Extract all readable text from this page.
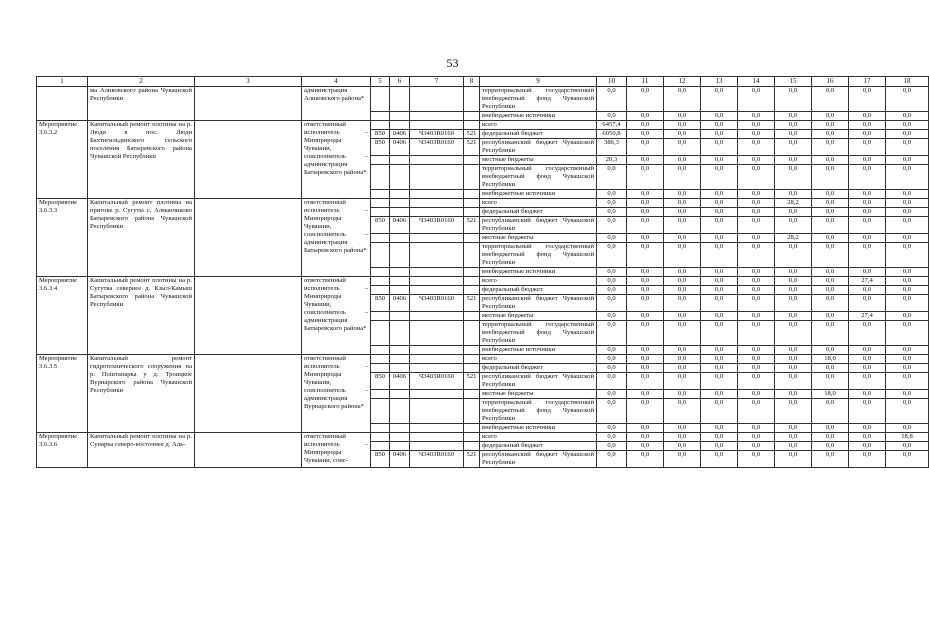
53
1	2	3	4	5	6	7	8	9	10	11	12	13	14	15	16	17	18
	ма Аликовского района Чувашской Республики		администрация Аликовского района*					территориальный государственный внебюджетный фонд Чувашской Республики	0,0	0,0	0,0	0,0	0,0	0,0	0,0	0,0	0,0
								внебюджетные источники	0,0	0,0	0,0	0,0	0,0	0,0	0,0	0,0	0,0
Мероприятие 3.6.3.2	Капитальный ремонт плотины на р. Люди в пос. Люди Бахтигильдинского сельского поселения Батыревского района Чувашской Республики		ответственный исполнитель – Минприроды Чувашии, соисполнитель – администрация Батыревского района*					всего	6457,4	0,0	0,0	0,0	0,0	0,0	0,0	0,0	0,0
				850	0406	Ч3403R0160	521	федеральный бюджет	6050,8	0,0	0,0	0,0	0,0	0,0	0,0	0,0	0,0
				850	0406	Ч3403R0160	521	республиканский бюджет Чувашской Республики	386,3	0,0	0,0	0,0	0,0	0,0	0,0	0,0	0,0
								местные бюджеты	20,3	0,0	0,0	0,0	0,0	0,0	0,0	0,0	0,0
								территориальный государственный внебюджетный фонд Чувашской Республики	0,0	0,0	0,0	0,0	0,0	0,0	0,0	0,0	0,0
								внебюджетные источники	0,0	0,0	0,0	0,0	0,0	0,0	0,0	0,0	0,0
Мероприятие 3.6.3.3	Капитальный ремонт плотины на притоке р. Сугуты с. Алманчиково Батыревского района Чувашской Республики		ответственный исполнитель – Минприроды Чувашии, соисполнитель – администрация Батыревского района*					всего	0,0	0,0	0,0	0,0	0,0	28,2	0,0	0,0	0,0
								федеральный бюджет	0,0	0,0	0,0	0,0	0,0	0,0	0,0	0,0	0,0
				850	0406	Ч3403R0160	521	республиканский бюджет Чувашской Республики	0,0	0,0	0,0	0,0	0,0	0,0	0,0	0,0	0,0
								местные бюджеты	0,0	0,0	0,0	0,0	0,0	28,2	0,0	0,0	0,0
								территориальный государственный внебюджетный фонд Чувашской Республики	0,0	0,0	0,0	0,0	0,0	0,0	0,0	0,0	0,0
								внебюджетные источники	0,0	0,0	0,0	0,0	0,0	0,0	0,0	0,0	0,0
Мероприятие 3.6.3.4	Капитальный ремонт плотины на р. Сугутка севернее д. Кзыл-Камыш Батыревского района Чувашской Республики		ответственный исполнитель – Минприроды Чувашии, соисполнитель – администрация Батыревского района*					всего	0,0	0,0	0,0	0,0	0,0	0,0	0,0	27,4	0,0
								федеральный бюджет	0,0	0,0	0,0	0,0	0,0	0,0	0,0	0,0	0,0
				850	0406	Ч3403R0160	521	республиканский бюджет Чувашской Республики	0,0	0,0	0,0	0,0	0,0	0,0	0,0	0,0	0,0
								местные бюджеты	0,0	0,0	0,0	0,0	0,0	0,0	0,0	27,4	0,0
								территориальный государственный внебюджетный фонд Чувашской Республики	0,0	0,0	0,0	0,0	0,0	0,0	0,0	0,0	0,0
								внебюджетные источники	0,0	0,0	0,0	0,0	0,0	0,0	0,0	0,0	0,0
Мероприятие 3.6.3.5	Капитальный ремонт гидротехнического сооружения на р. Поштанарка у д. Троицкое Вурнарского района Чувашской Республики		ответственный исполнитель – Минприроды Чувашии, соисполнитель – администрация Вурнарского района*					всего	0,0	0,0	0,0	0,0	0,0	0,0	18,0	0,0	0,0
								федеральный бюджет	0,0	0,0	0,0	0,0	0,0	0,0	0,0	0,0	0,0
				850	0406	Ч3403R0160	521	республиканский бюджет Чувашской Республики	0,0	0,0	0,0	0,0	0,0	0,0	0,0	0,0	0,0
								местные бюджеты	0,0	0,0	0,0	0,0	0,0	0,0	18,0	0,0	0,0
								территориальный государственный внебюджетный фонд Чувашской Республики	0,0	0,0	0,0	0,0	0,0	0,0	0,0	0,0	0,0
								внебюджетные источники	0,0	0,0	0,0	0,0	0,0	0,0	0,0	0,0	0,0
Мероприятие 3.6.3.6	Капитальный ремонт плотины на р. Сунарка северо-восточнее д. Аль-		ответственный исполнитель – Минприроды Чувашии, соис-					всего	0,0	0,0	0,0	0,0	0,0	0,0	0,0	0,0	18,8
								федеральный бюджет	0,0	0,0	0,0	0,0	0,0	0,0	0,0	0,0	0,0
				850	0406	Ч3403R0160	521	республиканский бюджет Чувашской Республики	0,0	0,0	0,0	0,0	0,0	0,0	0,0	0,0	0,0
